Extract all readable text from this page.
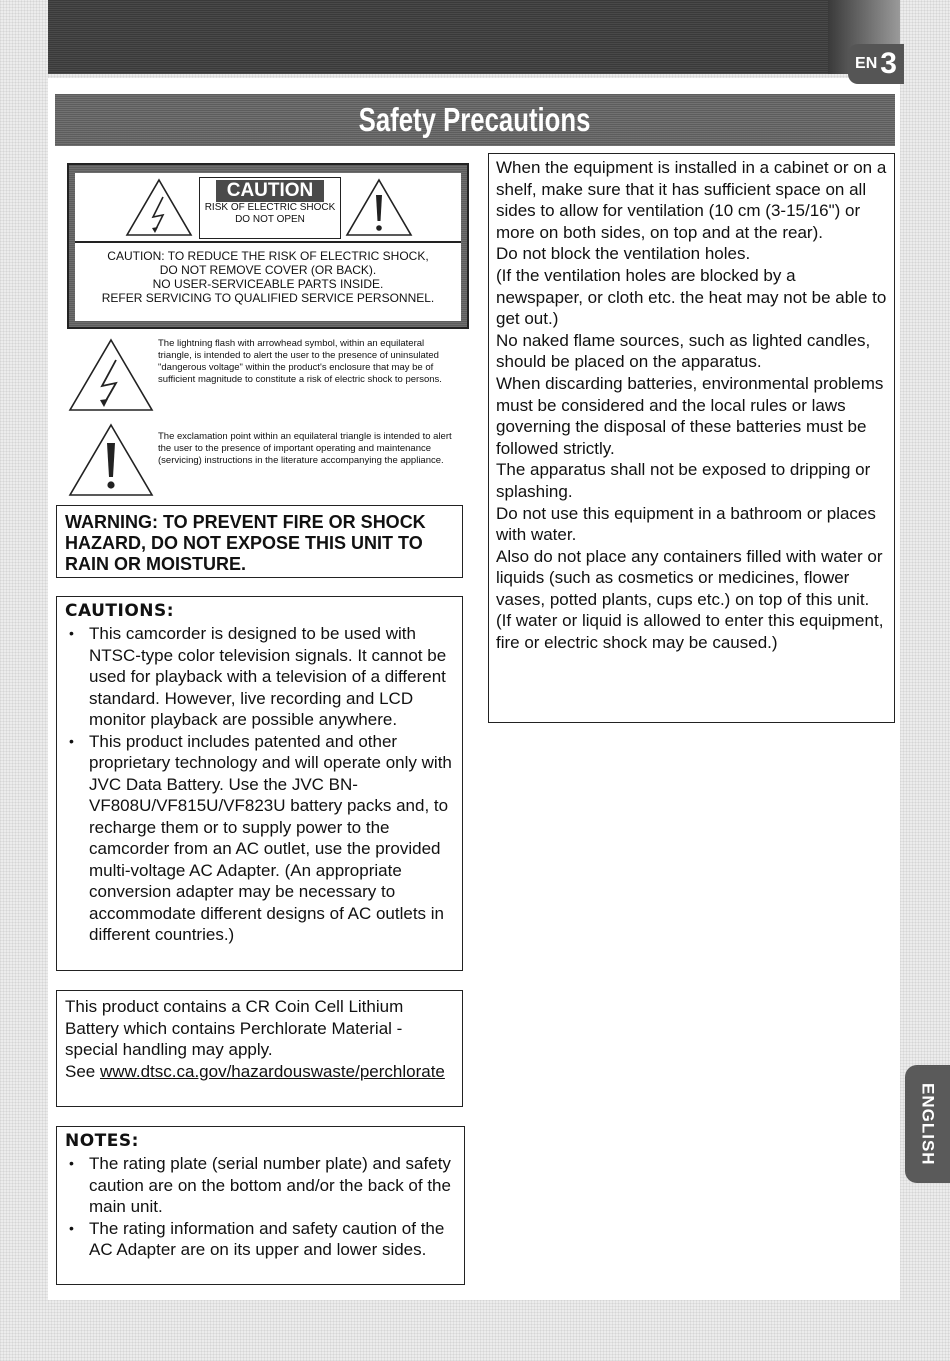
EN 3
Safety Precautions
ENGLISH
CAUTION
RISK OF ELECTRIC SHOCK
DO NOT OPEN
CAUTION: TO REDUCE THE RISK OF ELECTRIC SHOCK,
DO NOT REMOVE COVER (OR BACK).
NO USER-SERVICEABLE PARTS INSIDE.
REFER SERVICING TO QUALIFIED SERVICE PERSONNEL.
The lightning flash with arrowhead symbol, within an equilateral triangle, is intended to alert the user to the presence of uninsulated "dangerous voltage" within the product's enclosure that may be of sufficient magnitude to constitute a risk of electric shock to persons.
The exclamation point within an equilateral triangle is intended to alert the user to the presence of important operating and maintenance (servicing) instructions in the literature accompanying the appliance.

WARNING: TO PREVENT FIRE OR SHOCK

HAZARD, DO NOT EXPOSE THIS UNIT TO

RAIN OR MOISTURE.

CAUTIONS:
• This camcorder is designed to be used with NTSC-type color television signals. It cannot be used for playback with a television of a different standard. However, live recording and LCD monitor playback are possible anywhere.
• This product includes patented and other proprietary technology and will operate only with JVC Data Battery. Use the JVC BN-VF808U/VF815U/VF823U battery packs and, to recharge them or to supply power to the camcorder from an AC outlet, use the provided multi-voltage AC Adapter. (An appropriate conversion adapter may be necessary to accommodate different designs of AC outlets in different countries.)

This product contains a CR Coin Cell Lithium Battery which contains Perchlorate Material - special handling may apply.

See www.dtsc.ca.gov/hazardouswaste/perchlorate

NOTES:
• The rating plate (serial number plate) and safety caution are on the bottom and/or the back of the main unit.
• The rating information and safety caution of the AC Adapter are on its upper and lower sides.

When the equipment is installed in a cabinet or on a shelf, make sure that it has sufficient space on all sides to allow for ventilation (10 cm (3-15/16") or more on both sides, on top and at the rear).

Do not block the ventilation holes.

(If the ventilation holes are blocked by a newspaper, or cloth etc. the heat may not be able to get out.)

No naked flame sources, such as lighted candles, should be placed on the apparatus.

When discarding batteries, environmental problems must be considered and the local rules or laws governing the disposal of these batteries must be followed strictly.

The apparatus shall not be exposed to dripping or splashing.

Do not use this equipment in a bathroom or places with water.

Also do not place any containers filled with water or liquids (such as cosmetics or medicines, flower vases, potted plants, cups etc.) on top of this unit.

(If water or liquid is allowed to enter this equipment, fire or electric shock may be caused.)
